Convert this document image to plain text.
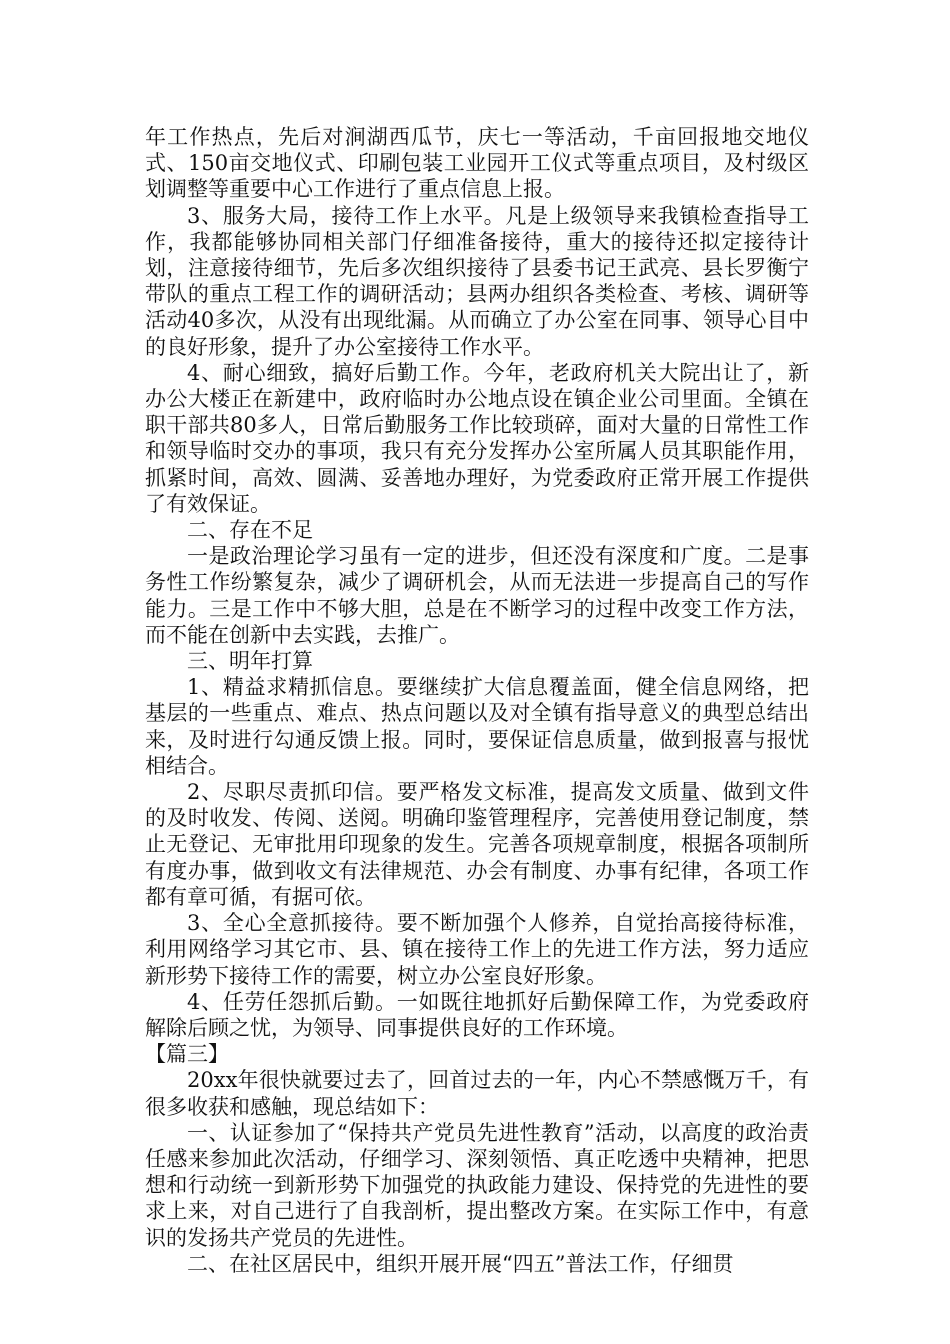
年工作热点，先后对涧湖西瓜节，庆七一等活动，千亩回报地交地仪式、150亩交地仪式、印刷包装工业园开工仪式等重点项目，及村级区划调整等重要中心工作进行了重点信息上报。

3、服务大局，接待工作上水平。凡是上级领导来我镇检查指导工作，我都能够协同相关部门仔细准备接待，重大的接待还拟定接待计划，注意接待细节，先后多次组织接待了县委书记王武亮、县长罗衡宁带队的重点工程工作的调研活动；县两办组织各类检查、考核、调研等活动40多次，从没有出现纰漏。从而确立了办公室在同事、领导心目中的良好形象，提升了办公室接待工作水平。

4、耐心细致，搞好后勤工作。今年，老政府机关大院出让了，新办公大楼正在新建中，政府临时办公地点设在镇企业公司里面。全镇在职干部共80多人，日常后勤服务工作比较琐碎，面对大量的日常性工作和领导临时交办的事项，我只有充分发挥办公室所属人员其职能作用，抓紧时间，高效、圆满、妥善地办理好，为党委政府正常开展工作提供了有效保证。

二、存在不足

一是政治理论学习虽有一定的进步，但还没有深度和广度。二是事务性工作纷繁复杂，减少了调研机会，从而无法进一步提高自己的写作能力。三是工作中不够大胆，总是在不断学习的过程中改变工作方法，而不能在创新中去实践，去推广。

三、明年打算

1、精益求精抓信息。要继续扩大信息覆盖面，健全信息网络，把基层的一些重点、难点、热点问题以及对全镇有指导意义的典型总结出来，及时进行勾通反馈上报。同时，要保证信息质量，做到报喜与报忧相结合。

2、尽职尽责抓印信。要严格发文标准，提高发文质量、做到文件的及时收发、传阅、送阅。明确印鉴管理程序，完善使用登记制度，禁止无登记、无审批用印现象的发生。完善各项规章制度，根据各项制所有度办事，做到收文有法律规范、办会有制度、办事有纪律，各项工作都有章可循，有据可依。

3、全心全意抓接待。要不断加强个人修养，自觉抬高接待标准，利用网络学习其它市、县、镇在接待工作上的先进工作方法，努力适应新形势下接待工作的需要，树立办公室良好形象。

4、任劳任怨抓后勤。一如既往地抓好后勤保障工作，为党委政府解除后顾之忧，为领导、同事提供良好的工作环境。

【篇三】

20xx年很快就要过去了，回首过去的一年，内心不禁感慨万千，有很多收获和感触，现总结如下：

一、认证参加了“保持共产党员先进性教育”活动，以高度的政治责任感来参加此次活动，仔细学习、深刻领悟、真正吃透中央精神，把思想和行动统一到新形势下加强党的执政能力建设、保持党的先进性的要求上来，对自己进行了自我剖析，提出整改方案。在实际工作中，有意识的发扬共产党员的先进性。

二、在社区居民中，组织开展开展“四五”普法工作，仔细贯
